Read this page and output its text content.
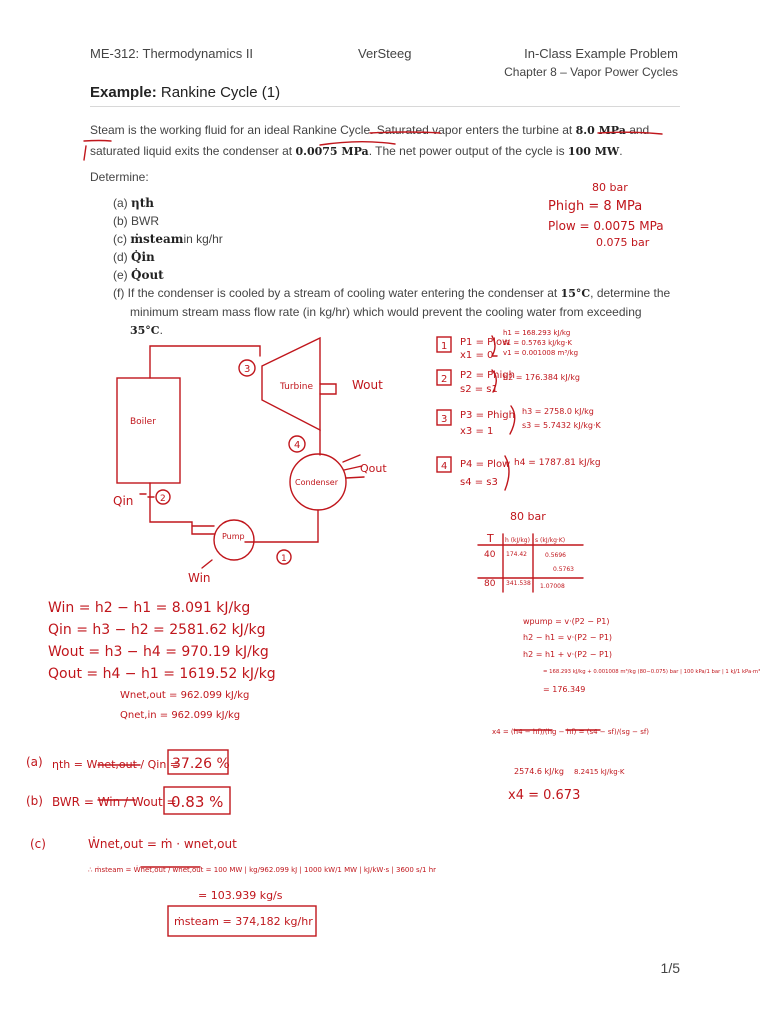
ME-312: Thermodynamics II	VerSteeg	In-Class Example Problem
Chapter 8 – Vapor Power Cycles
Example: Rankine Cycle (1)
Steam is the working fluid for an ideal Rankine Cycle. Saturated vapor enters the turbine at 8.0 MPa and saturated liquid exits the condenser at 0.0075 MPa. The net power output of the cycle is 100 MW.
Determine:
(a) ηth
(b) BWR
(c) ṁsteamin kg/hr
(d) Q̇in
(e) Q̇out
(f) If the condenser is cooled by a stream of cooling water entering the condenser at 15°C, determine the
minimum stream mass flow rate (in kg/hr) which would prevent the cooling water from exceeding 35°C.
1/5
80 bar
Phigh = 8 MPa
Plow = 0.0075 MPa
0.075 bar
Boiler
Turbine
Condenser
Pump
Wout
Qout
Qin
Win
3
4
2
1
1 P1 = Plow
x1 = 0
h1 = 168.293 kJ/kg
s1 = 0.5763 kJ/kg·K
v1 = 0.001008 m³/kg
2 P2 = Phigh
s2 = s1
h2 = 176.384 kJ/kg
3 P3 = Phigh
x3 = 1
h3 = 2758.0 kJ/kg
s3 = 5.7432 kJ/kg·K
4 P4 = Plow
s4 = s3
h4 = 1787.81 kJ/kg
80 bar
T h (kJ/kg) s (kJ/kg·K)
40 174.42	0.5696
0.5763
80 341.538 1.07008
Win = h2 − h1 = 8.091 kJ/kg
Qin = h3 − h2 = 2581.62 kJ/kg
Wout = h3 − h4 = 970.19 kJ/kg
Qout = h4 − h1 = 1619.52 kJ/kg
Wnet,out = 962.099 kJ/kg
Qnet,in = 962.099 kJ/kg
wpump = v·(P2 − P1)
h2 − h1 = v·(P2 − P1)
h2 = h1 + v·(P2 − P1)
= 168.293 kJ/kg + 0.001008 m³/kg (80−0.075) bar | 100 kPa/1 bar | 1 kJ/1 kPa·m³
= 176.349
x4 = (h4 − hf)/(hg − hf) = (s4 − sf)/(sg − sf)
2574.6 kJ/kg 8.2415 kJ/kg·K
x4 = 0.673
(a) ηth = Wnet,out / Qin =
37.26 %
(b) BWR = Win / Wout =
0.83 %
(c)	Ẇnet,out = ṁ · wnet,out
∴ ṁsteam = Ẇnet,out / wnet,out = 100 MW | kg/962.099 kJ | 1000 kW/1 MW | kJ/kW·s | 3600 s/1 hr
= 103.939 kg/s
ṁsteam = 374,182 kg/hr
